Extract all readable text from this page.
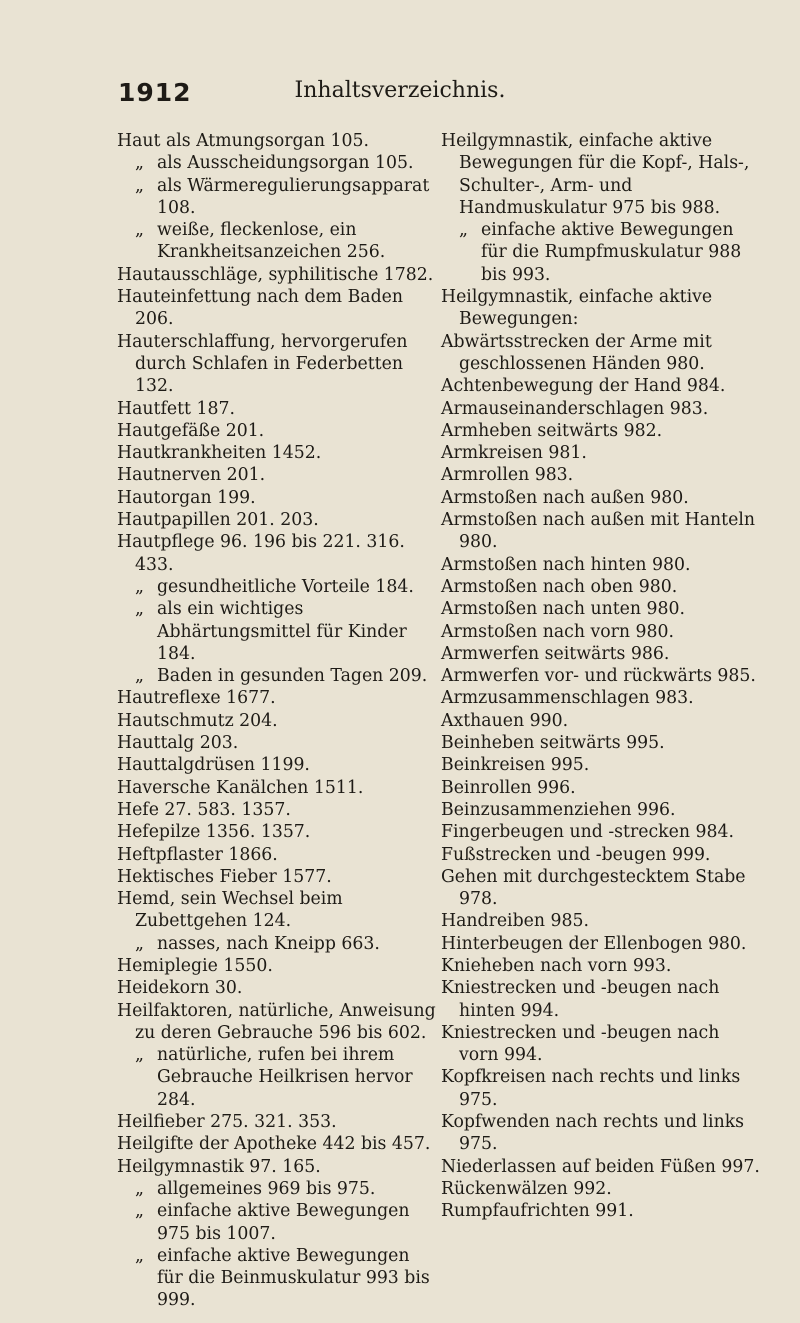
1912	Inhaltsverzeichnis.

Haut als Atmungsorgan 105.

„ als Ausscheidungsorgan 105.

„ als Wärmeregulierungsapparat 108.

„ weiße, fleckenlose, ein Krankheitsanzeichen 256.

Hautausschläge, syphilitische 1782.

Hauteinfettung nach dem Baden 206.

Hauterschlaffung, hervorgerufen durch Schlafen in Federbetten 132.

Hautfett 187.

Hautgefäße 201.

Hautkrankheiten 1452.

Hautnerven 201.

Hautorgan 199.

Hautpapillen 201. 203.

Hautpflege 96. 196 bis 221. 316. 433.

„ gesundheitliche Vorteile 184.

„ als ein wichtiges Abhärtungsmittel für Kinder 184.

„ Baden in gesunden Tagen 209.

Hautreflexe 1677.

Hautschmutz 204.

Hauttalg 203.

Hauttalgdrüsen 1199.

Haversche Kanälchen 1511.

Hefe 27. 583. 1357.

Hefepilze 1356. 1357.

Heftpflaster 1866.

Hektisches Fieber 1577.

Hemd, sein Wechsel beim Zubettgehen 124.

„ nasses, nach Kneipp 663.

Hemiplegie 1550.

Heidekorn 30.

Heilfaktoren, natürliche, Anweisung zu deren Gebrauche 596 bis 602.

„ natürliche, rufen bei ihrem Gebrauche Heilkrisen hervor 284.

Heilfieber 275. 321. 353.

Heilgifte der Apotheke 442 bis 457.

Heilgymnastik 97. 165.

„ allgemeines 969 bis 975.

„ einfache aktive Bewegungen 975 bis 1007.

„ einfache aktive Bewegungen für die Beinmuskulatur 993 bis 999.

Heilgymnastik, einfache aktive Bewegungen für die Kopf-, Hals-, Schulter-, Arm- und Handmuskulatur 975 bis 988.

„ einfache aktive Bewegungen für die Rumpfmuskulatur 988 bis 993.

Heilgymnastik, einfache aktive Bewegungen:

Abwärtsstrecken der Arme mit geschlossenen Händen 980.

Achtenbewegung der Hand 984.

Armauseinanderschlagen 983.

Armheben seitwärts 982.

Armkreisen 981.

Armrollen 983.

Armstoßen nach außen 980.

Armstoßen nach außen mit Hanteln 980.

Armstoßen nach hinten 980.

Armstoßen nach oben 980.

Armstoßen nach unten 980.

Armstoßen nach vorn 980.

Armwerfen seitwärts 986.

Armwerfen vor- und rückwärts 985.

Armzusammenschlagen 983.

Axthauen 990.

Beinheben seitwärts 995.

Beinkreisen 995.

Beinrollen 996.

Beinzusammenziehen 996.

Fingerbeugen und -strecken 984.

Fußstrecken und -beugen 999.

Gehen mit durchgestecktem Stabe 978.

Handreiben 985.

Hinterbeugen der Ellenbogen 980.

Knieheben nach vorn 993.

Kniestrecken und -beugen nach hinten 994.

Kniestrecken und -beugen nach vorn 994.

Kopfkreisen nach rechts und links 975.

Kopfwenden nach rechts und links 975.

Niederlassen auf beiden Füßen 997.

Rückenwälzen 992.

Rumpfaufrichten 991.
